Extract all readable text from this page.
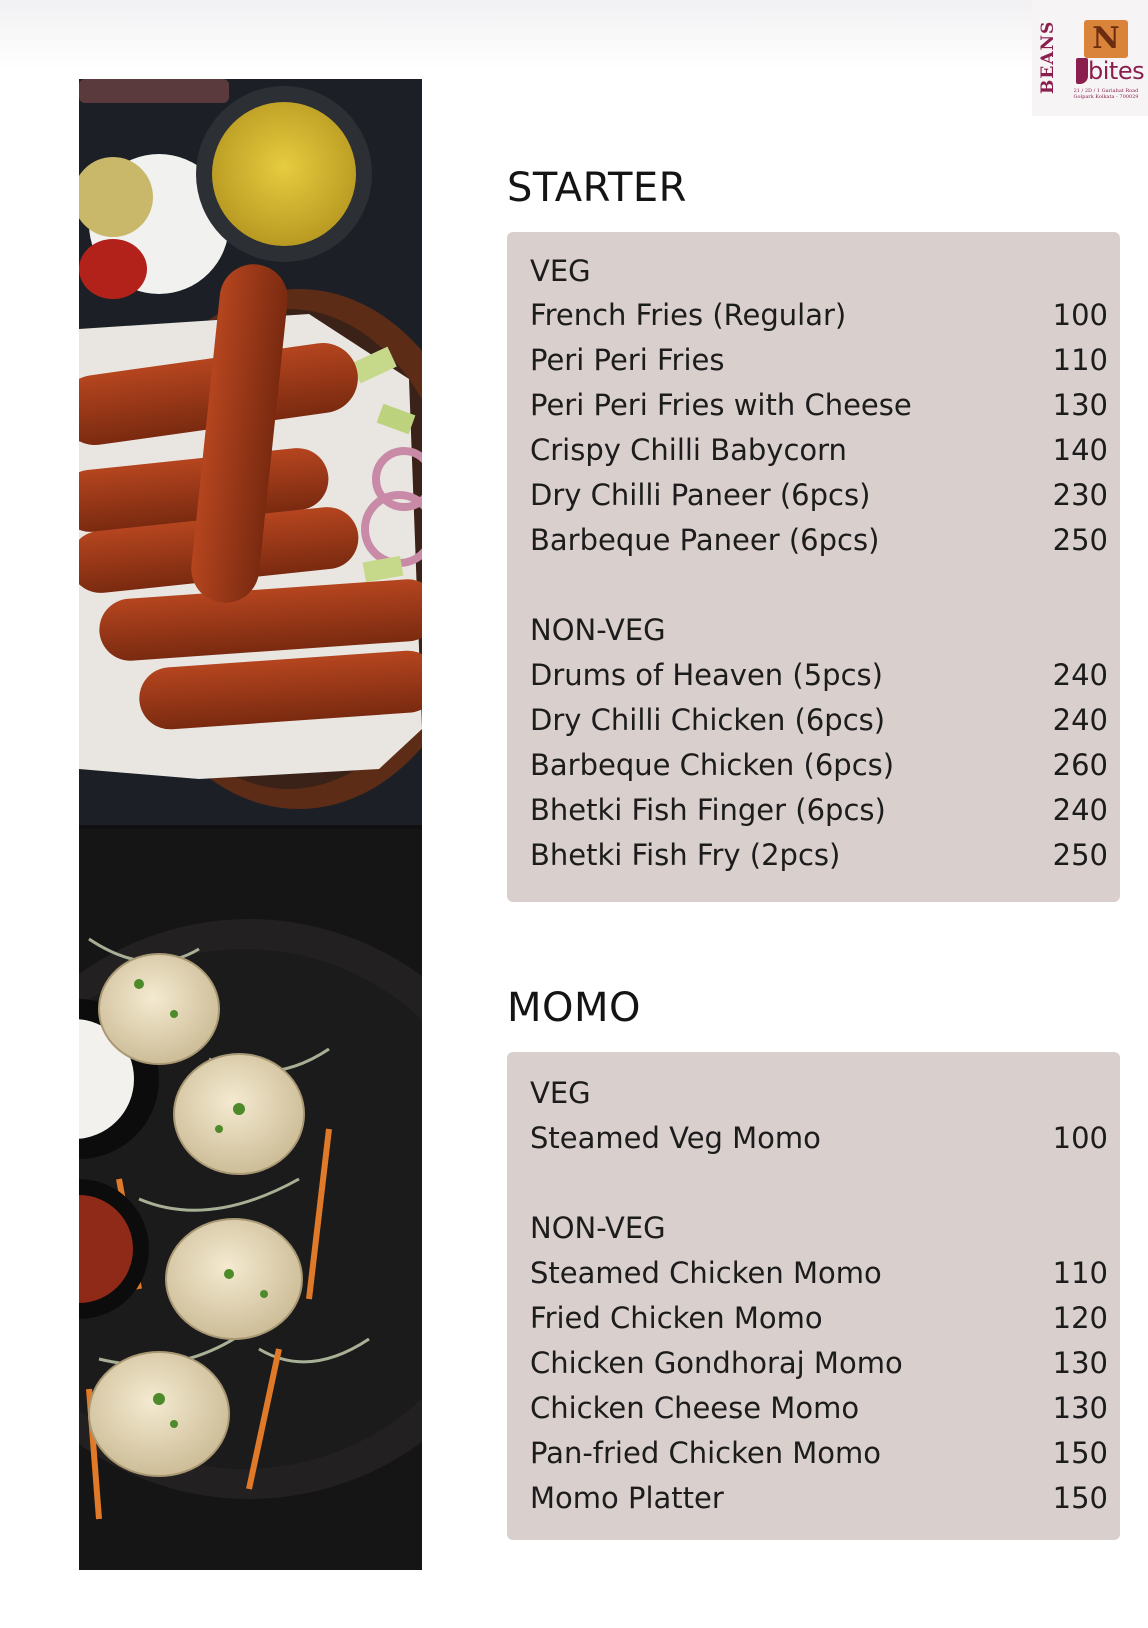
BEANS N
bites
21 / 2D / 1 Gariahat Road Golpark Kolkata - 700029
STARTER
VEG
French Fries (Regular)	100
Peri Peri Fries	110
Peri Peri Fries with Cheese	130
Crispy Chilli Babycorn	140
Dry Chilli Paneer (6pcs)	230
Barbeque Paneer (6pcs)	250
NON-VEG
Drums of Heaven (5pcs)	240
Dry Chilli Chicken (6pcs)	240
Barbeque Chicken (6pcs)	260
Bhetki Fish Finger (6pcs)	240
Bhetki Fish Fry (2pcs)	250
MOMO
VEG
Steamed Veg Momo	100
NON-VEG
Steamed Chicken Momo	110
Fried Chicken Momo	120
Chicken Gondhoraj Momo	130
Chicken Cheese Momo	130
Pan-fried Chicken Momo	150
Momo Platter	150
